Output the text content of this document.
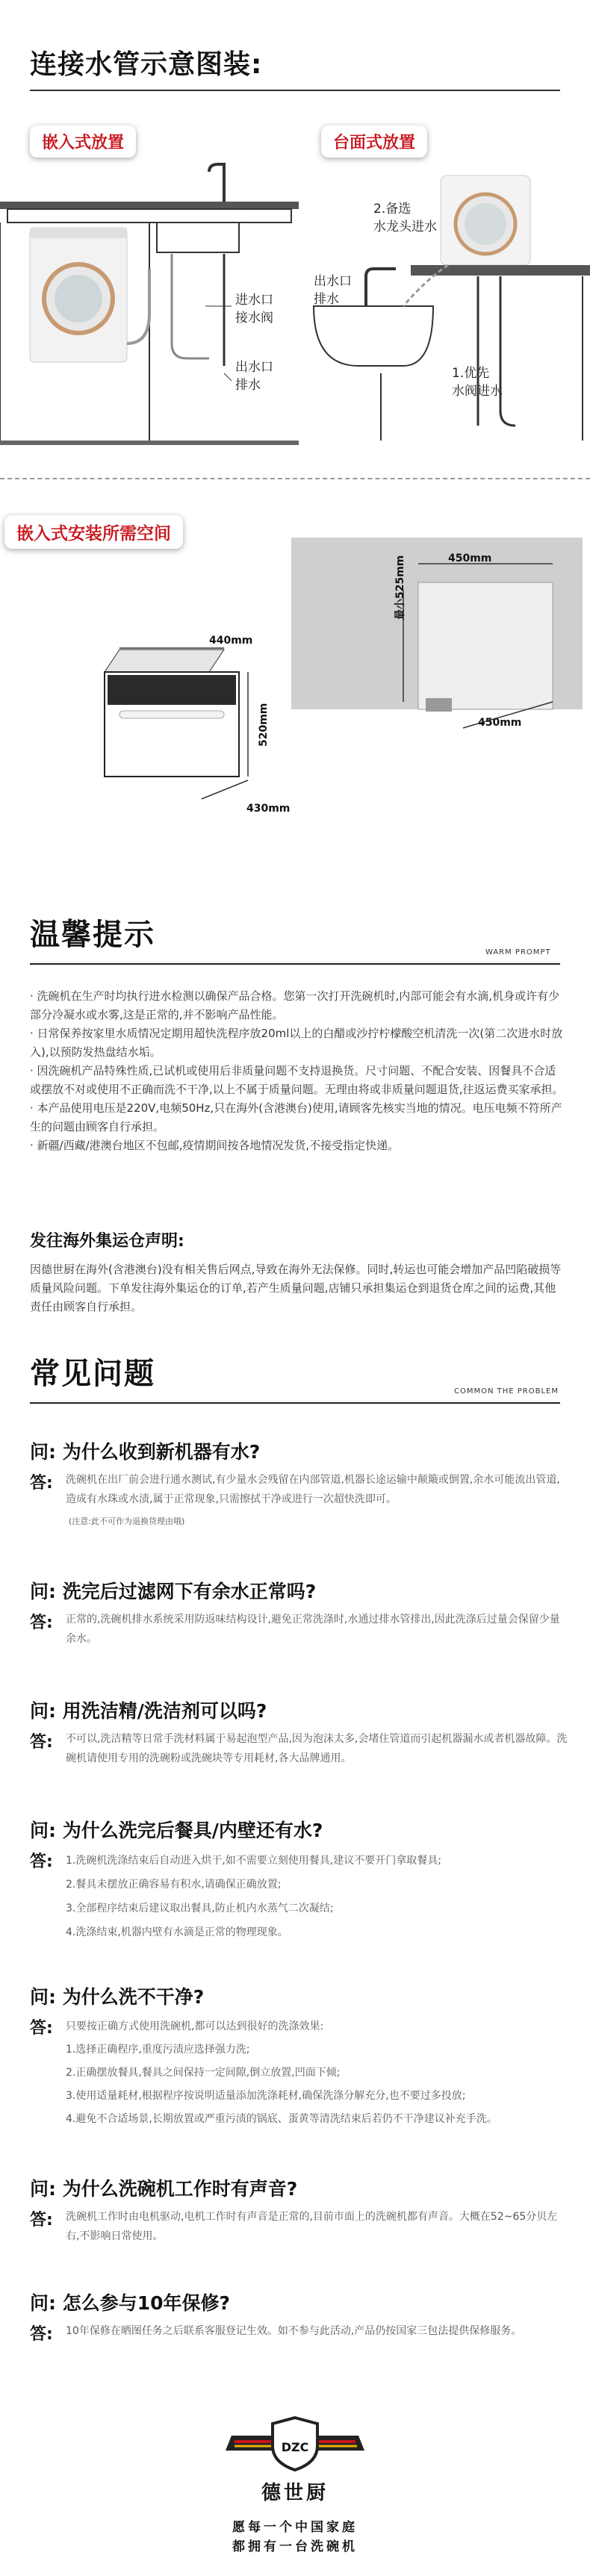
连接水管示意图装:
嵌入式放置	台面式放置
进水口
接水阀
出水口
排水
2.备选
水龙头进水
出水口
排水
1.优先
水阀进水
嵌入式安装所需空间
450mm
最小525mm
450mm
440mm
520mm
430mm
温馨提示
WARM PROMPT
· 洗碗机在生产时均执行进水检测以确保产品合格。您第一次打开洗碗机时,内部可能会有水滴,机身或许有少部分冷凝水或水雾,这是正常的,并不影响产品性能。
· 日常保养按家里水质情况定期用超快洗程序放20ml以上的白醋或沙拧柠檬酸空机清洗一次(第二次进水时放入),以预防发热盘结水垢。
· 因洗碗机产品特殊性质,已试机或使用后非质量问题不支持退换货。尺寸问题、不配合安装、因餐具不合适或摆放不对或使用不正确而洗不干净,以上不属于质量问题。无理由将或非质量问题退货,往返运费买家承担。
· 本产品使用电压是220V,电频50Hz,只在海外(含港澳台)使用,请顾客先核实当地的情况。电压电频不符所产生的问题由顾客自行承担。
· 新疆/西藏/港澳台地区不包邮,疫情期间按各地情况发货,不接受指定快递。
发往海外集运仓声明:
因德世厨在海外(含港澳台)没有相关售后网点,导致在海外无法保修。同时,转运也可能会增加产品凹陷破损等质量风险问题。下单发往海外集运仓的订单,若产生质量问题,店铺只承担集运仓到退货仓库之间的运费,其他责任由顾客自行承担。
常见问题
COMMON THE PROBLEM
问: 为什么收到新机器有水?
答:	洗碗机在出厂前会进行通水测试,有少量水会残留在内部管道,机器长途运输中颠簸或倒置,余水可能流出管道,造成有水珠或水渍,属于正常现象,只需擦拭干净或进行一次超快洗即可。
(注意:此不可作为退换货理由哦)
问: 洗完后过滤网下有余水正常吗?
答:	正常的,洗碗机排水系统采用防返味结构设计,避免正常洗涤时,水通过排水管排出,因此洗涤后过量会保留少量余水。
问: 用洗洁精/洗洁剂可以吗?
答:	不可以,洗洁精等日常手洗材料属于易起泡型产品,因为泡沫太多,会堵住管道而引起机器漏水或者机器故障。洗碗机请使用专用的洗碗粉或洗碗块等专用耗材,各大品牌通用。
问: 为什么洗完后餐具/内壁还有水?
答:	1.洗碗机洗涤结束后自动进入烘干,如不需要立刻使用餐具,建议不要开门拿取餐具;
2.餐具未摆放正确容易有积水,请确保正确放置;
3.全部程序结束后建议取出餐具,防止机内水蒸气二次凝结;
4.洗涤结束,机器内壁有水滴是正常的物理现象。
问: 为什么洗不干净?
答:	只要按正确方式使用洗碗机,都可以达到很好的洗涤效果:
1.选择正确程序,重度污渍应选择强力洗;
2.正确摆放餐具,餐具之间保持一定间隙,倒立放置,凹面下倾;
3.使用适量耗材,根据程序按说明适量添加洗涤耗材,确保洗涤分解充分,也不要过多投放;
4.避免不合适场景,长期放置或严重污渍的锅底、蛋黄等清洗结束后若仍不干净建议补充手洗。
问: 为什么洗碗机工作时有声音?
答:	洗碗机工作时由电机驱动,电机工作时有声音是正常的,目前市面上的洗碗机都有声音。大概在52~65分贝左右,不影响日常使用。
问: 怎么参与10年保修?
答:	10年保修在晒图任务之后联系客服登记生效。如不参与此活动,产品仍按国家三包法提供保修服务。
DZC
德世厨
愿每一个中国家庭
都拥有一台洗碗机
